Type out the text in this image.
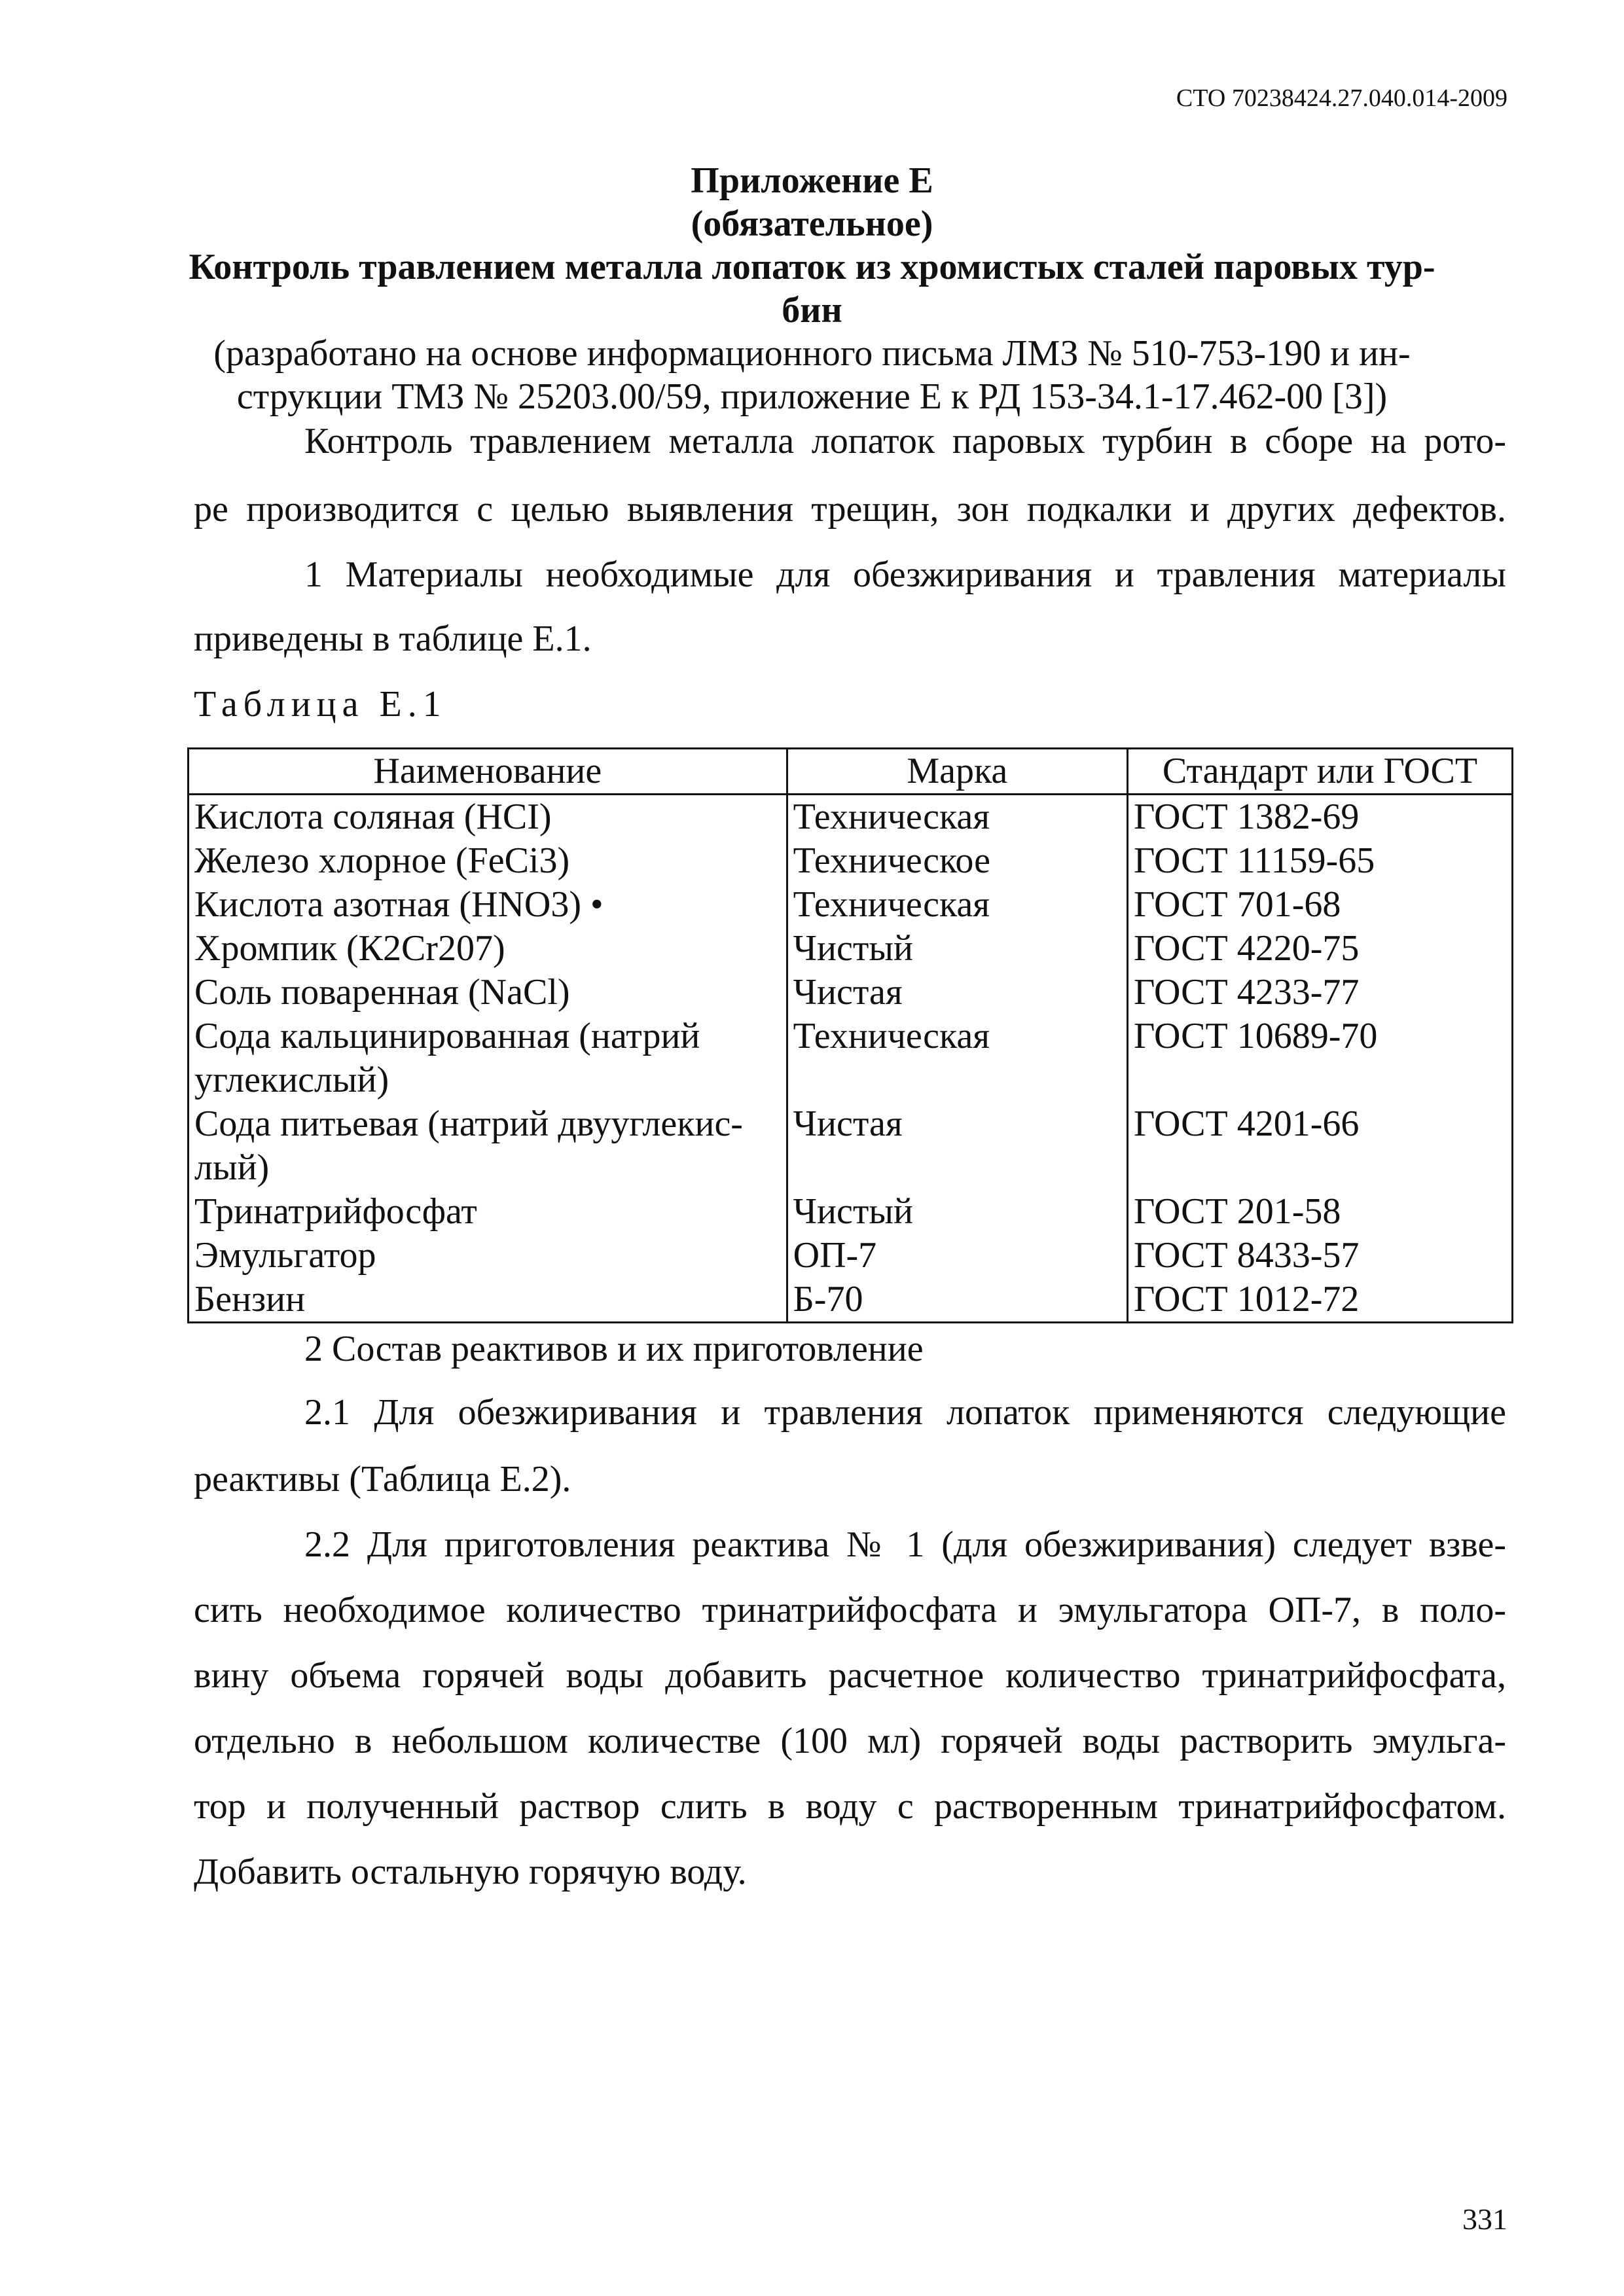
СТО 70238424.27.040.014-2009
Приложение Е
(обязательное)
Контроль травлением металла лопаток из хромистых сталей паровых тур-
бин
(разработано на основе информационного письма ЛМЗ № 510-753-190 и ин-
струкции ТМЗ № 25203.00/59, приложение Е к РД 153-34.1-17.462-00 [3])
Контроль травлением металла лопаток паровых турбин в сборе на рото-
ре производится с целью выявления трещин, зон подкалки и других дефектов.
1 Материалы необходимые для обезжиривания и травления материалы
приведены в таблице Е.1.
Таблица Е.1
Наименование	Марка	Стандарт или ГОСТ
Кислота соляная (НСI)	Техническая	ГОСТ 1382-69
Железо хлорное (FeCi3)	Техническое	ГОСТ 11159-65
Кислота азотная (HNO3) •	Техническая	ГОСТ 701-68
Хромпик (К2Сr207)	Чистый	ГОСТ 4220-75
Соль поваренная (NaCl)	Чистая	ГОСТ 4233-77
Сода кальцинированная (натрий углекислый)	Техническая	ГОСТ 10689-70
Сода питьевая (натрий двууглекис-лый)	Чистая	ГОСТ 4201-66
Тринатрийфосфат	Чистый	ГОСТ 201-58
Эмульгатор	ОП-7	ГОСТ 8433-57
Бензин	Б-70	ГОСТ 1012-72
2 Состав реактивов и их приготовление
2.1 Для обезжиривания и травления лопаток применяются следующие
реактивы (Таблица Е.2).
2.2 Для приготовления реактива № 1 (для обезжиривания) следует взве-
сить необходимое количество тринатрийфосфата и эмульгатора ОП-7, в поло-
вину объема горячей воды добавить расчетное количество тринатрийфосфата,
отдельно в небольшом количестве (100 мл) горячей воды растворить эмульга-
тор и полученный раствор слить в воду с растворенным тринатрийфосфатом.
Добавить остальную горячую воду.
331
